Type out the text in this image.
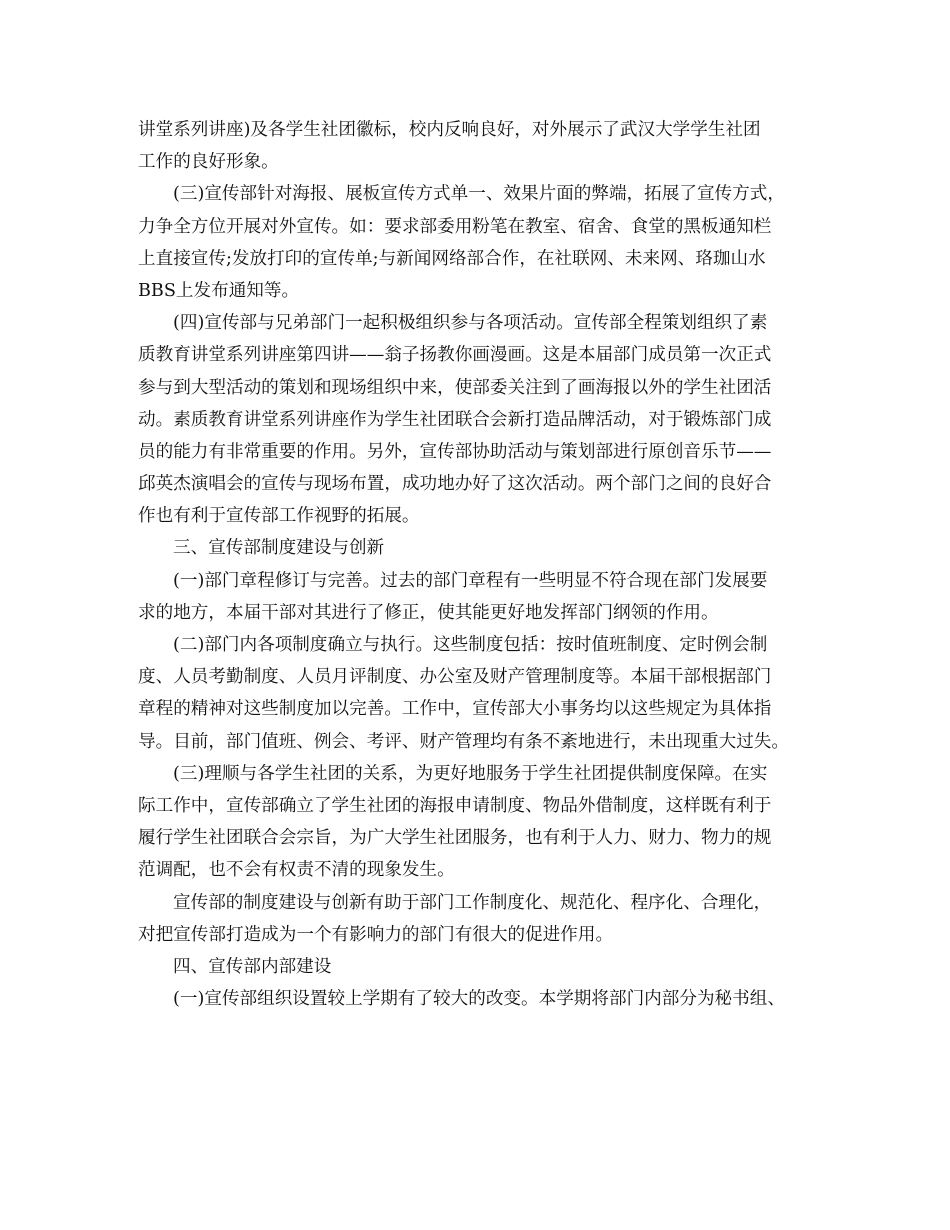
讲堂系列讲座)及各学生社团徽标，校内反响良好，对外展示了武汉大学学生社团
工作的良好形象。
(三)宣传部针对海报、展板宣传方式单一、效果片面的弊端，拓展了宣传方式，
力争全方位开展对外宣传。如：要求部委用粉笔在教室、宿舍、食堂的黑板通知栏
上直接宣传;发放打印的宣传单;与新闻网络部合作，在社联网、未来网、珞珈山水
BBS上发布通知等。
(四)宣传部与兄弟部门一起积极组织参与各项活动。宣传部全程策划组织了素
质教育讲堂系列讲座第四讲——翁子扬教你画漫画。这是本届部门成员第一次正式
参与到大型活动的策划和现场组织中来，使部委关注到了画海报以外的学生社团活
动。素质教育讲堂系列讲座作为学生社团联合会新打造品牌活动，对于锻炼部门成
员的能力有非常重要的作用。另外，宣传部协助活动与策划部进行原创音乐节——
邱英杰演唱会的宣传与现场布置，成功地办好了这次活动。两个部门之间的良好合
作也有利于宣传部工作视野的拓展。
三、宣传部制度建设与创新
(一)部门章程修订与完善。过去的部门章程有一些明显不符合现在部门发展要
求的地方，本届干部对其进行了修正，使其能更好地发挥部门纲领的作用。
(二)部门内各项制度确立与执行。这些制度包括：按时值班制度、定时例会制
度、人员考勤制度、人员月评制度、办公室及财产管理制度等。本届干部根据部门
章程的精神对这些制度加以完善。工作中，宣传部大小事务均以这些规定为具体指
导。目前，部门值班、例会、考评、财产管理均有条不紊地进行，未出现重大过失。
(三)理顺与各学生社团的关系，为更好地服务于学生社团提供制度保障。在实
际工作中，宣传部确立了学生社团的海报申请制度、物品外借制度，这样既有利于
履行学生社团联合会宗旨，为广大学生社团服务，也有利于人力、财力、物力的规
范调配，也不会有权责不清的现象发生。
宣传部的制度建设与创新有助于部门工作制度化、规范化、程序化、合理化，
对把宣传部打造成为一个有影响力的部门有很大的促进作用。
四、宣传部内部建设
(一)宣传部组织设置较上学期有了较大的改变。本学期将部门内部分为秘书组、
